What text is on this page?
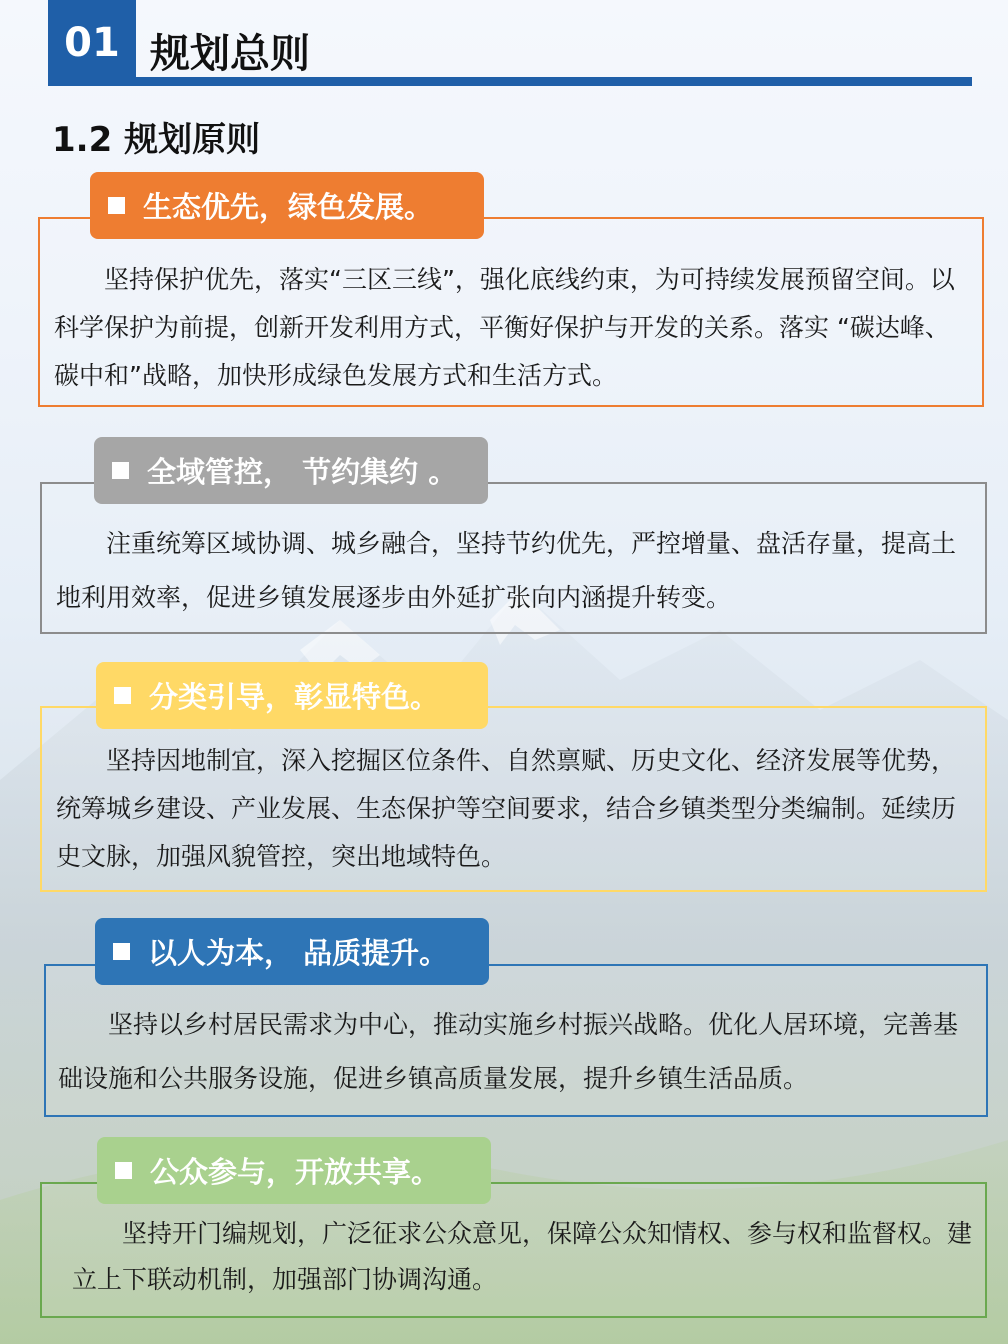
01 规划总则
1.2 规划原则

坚持保护优先，落实“三区三线”，强化底线约束，为可持续发展预留空间。以科学保护为前提，创新开发利用方式，平衡好保护与开发的关系。落实 “碳达峰、碳中和”战略，加快形成绿色发展方式和生活方式。

生态优先，绿色发展。

注重统筹区域协调、城乡融合，坚持节约优先，严控增量、盘活存量，提高土地利用效率，促进乡镇发展逐步由外延扩张向内涵提升转变。

全域管控， 节约集约 。

坚持因地制宜，深入挖掘区位条件、自然禀赋、历史文化、经济发展等优势，统筹城乡建设、产业发展、生态保护等空间要求，结合乡镇类型分类编制。延续历史文脉，加强风貌管控，突出地域特色。

分类引导，彰显特色。

坚持以乡村居民需求为中心，推动实施乡村振兴战略。优化人居环境，完善基础设施和公共服务设施，促进乡镇高质量发展，提升乡镇生活品质。

以人为本， 品质提升。

坚持开门编规划，广泛征求公众意见，保障公众知情权、参与权和监督权。建立上下联动机制，加强部门协调沟通。

公众参与，开放共享。
